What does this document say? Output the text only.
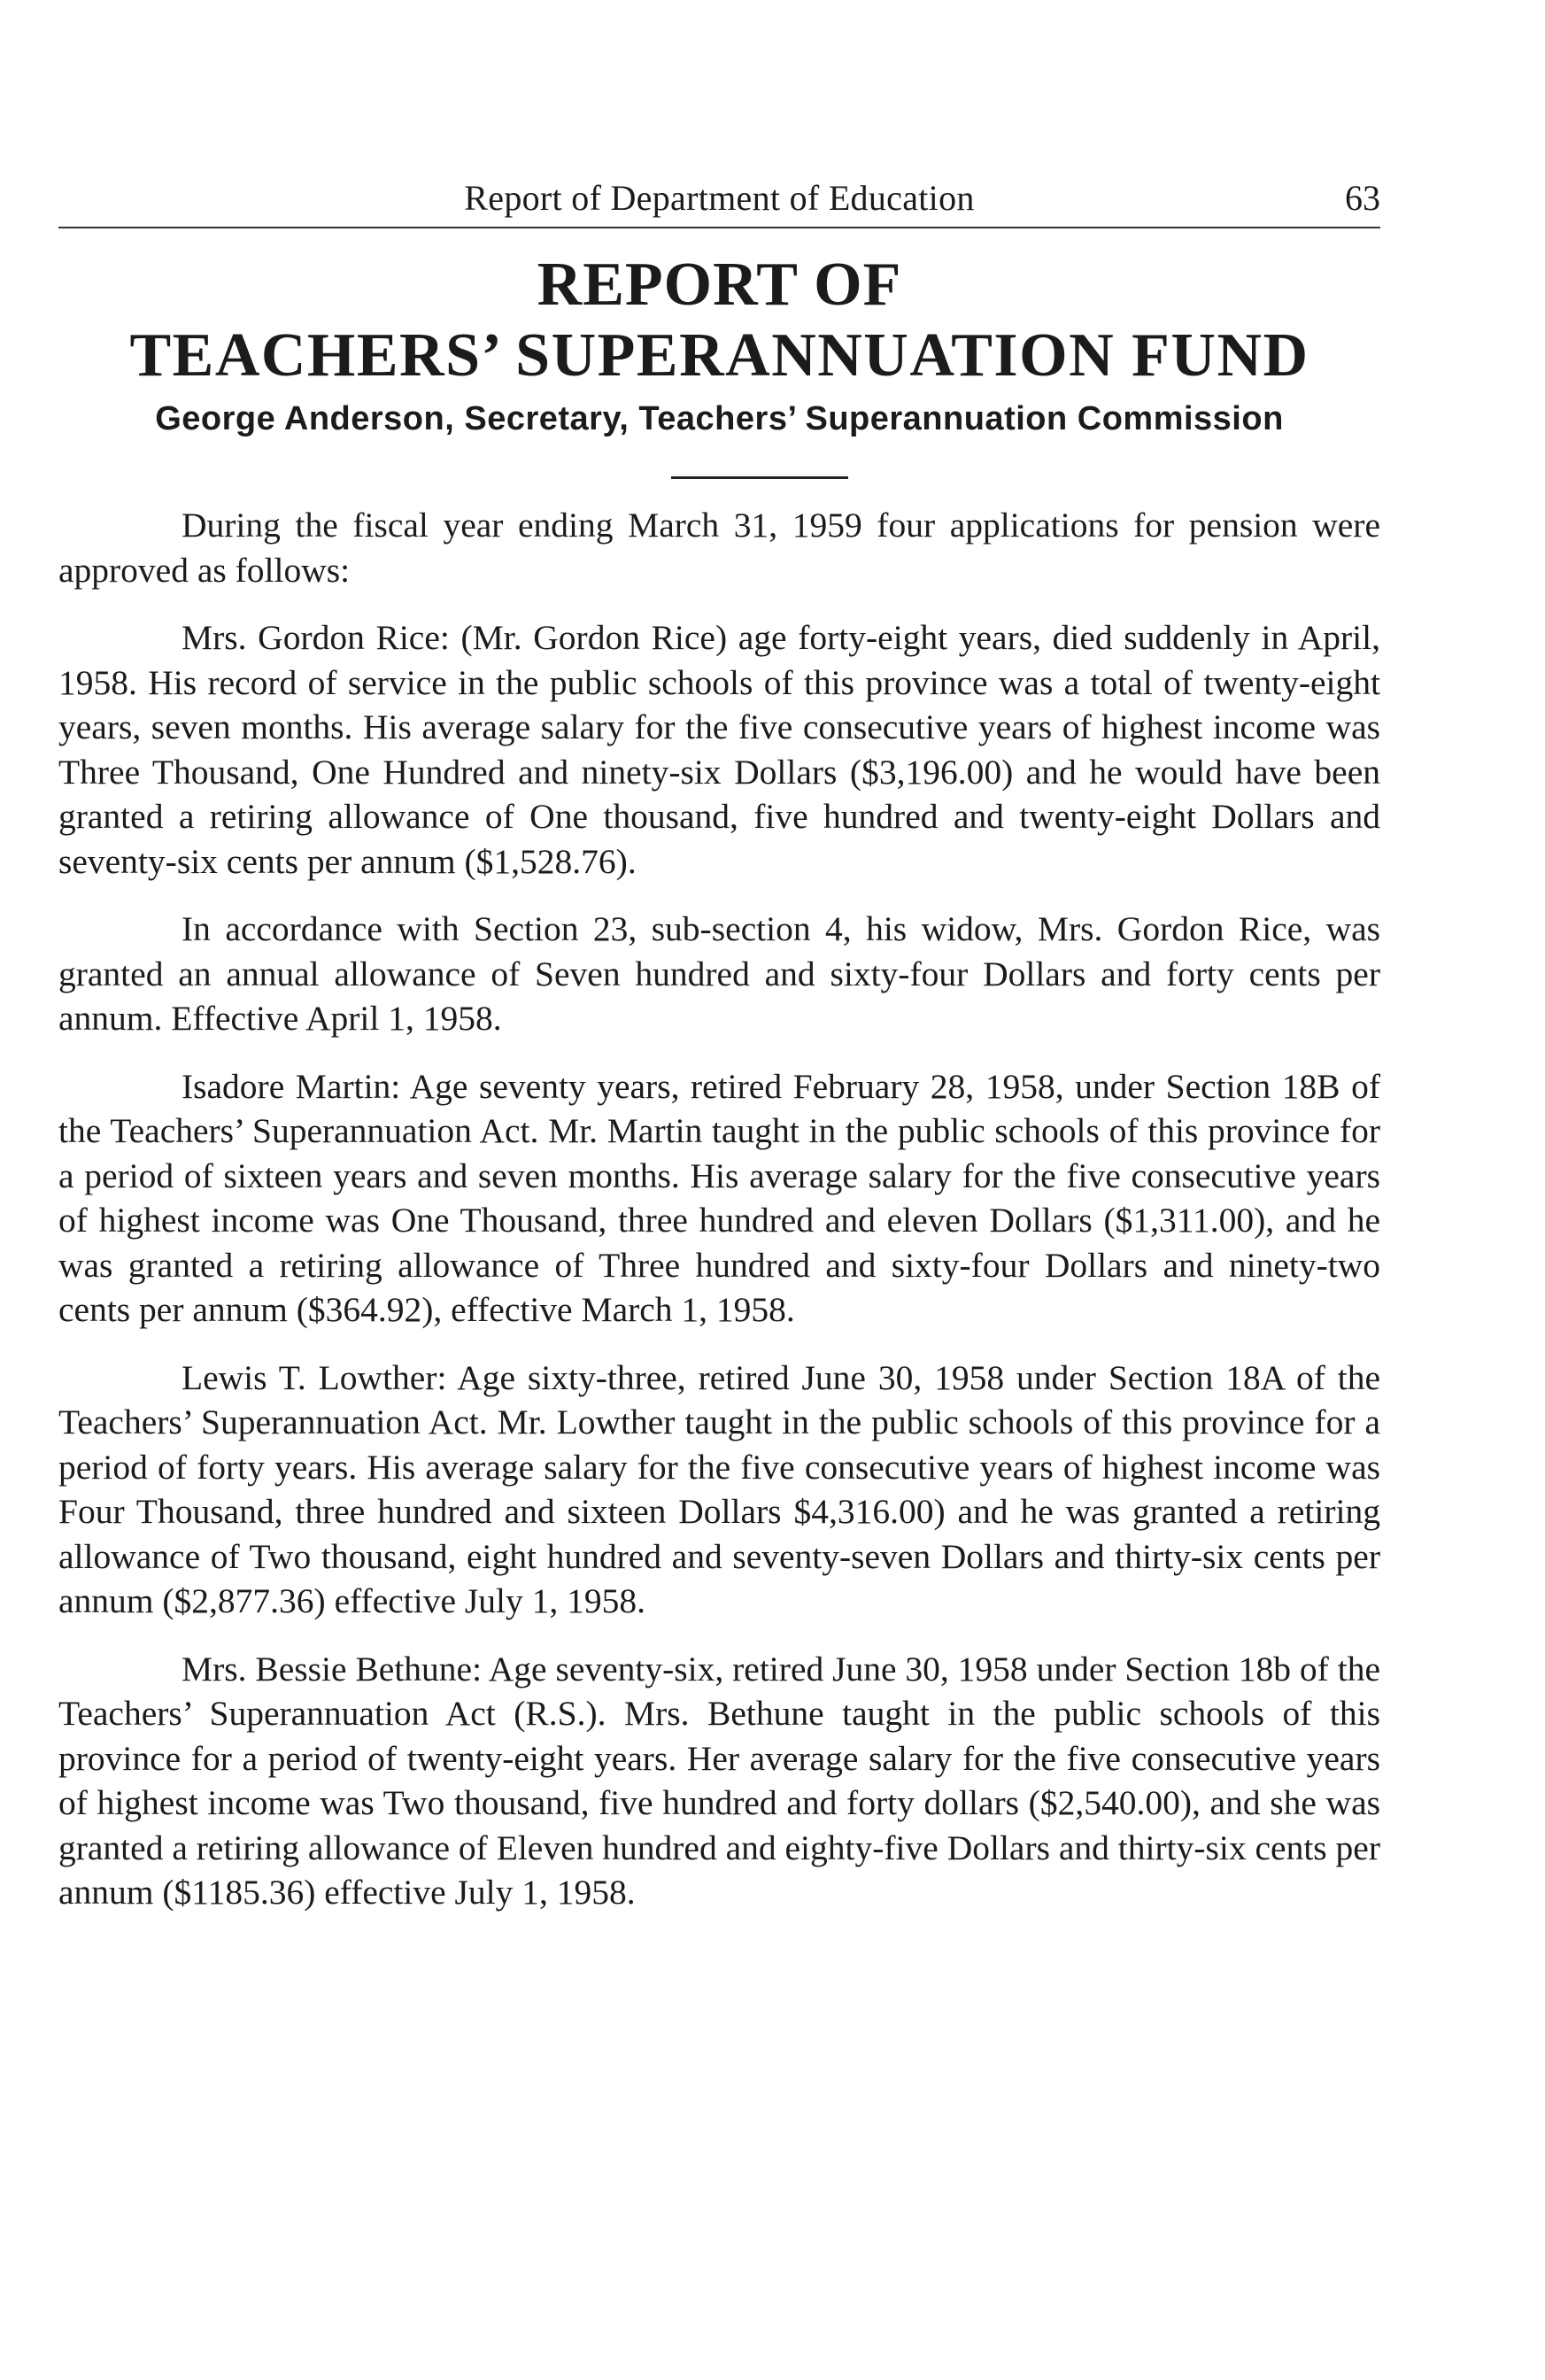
Report of Department of Education	63
REPORT OF
TEACHERS’ SUPERANNUATION FUND
George Anderson, Secretary, Teachers’ Superannuation Commission

During the fiscal year ending March 31, 1959 four applications for pension were approved as follows:

Mrs. Gordon Rice: (Mr. Gordon Rice) age forty-eight years, died suddenly in April, 1958. His record of service in the public schools of this province was a total of twenty-eight years, seven months. His average salary for the five consecutive years of highest income was Three Thousand, One Hundred and ninety-six Dollars ($3,196.00) and he would have been granted a retiring allowance of One thousand, five hundred and twenty-eight Dollars and seventy-six cents per annum ($1,528.76).

In accordance with Section 23, sub-section 4, his widow, Mrs. Gordon Rice, was granted an annual allowance of Seven hundred and sixty-four Dollars and forty cents per annum. Effective April 1, 1958.

Isadore Martin: Age seventy years, retired February 28, 1958, under Section 18B of the Teachers’ Superannuation Act. Mr. Martin taught in the public schools of this province for a period of sixteen years and seven months. His average salary for the five consecutive years of highest income was One Thousand, three hundred and eleven Dollars ($1,311.00), and he was granted a retiring allowance of Three hundred and sixty-four Dollars and ninety-two cents per annum ($364.92), effective March 1, 1958.

Lewis T. Lowther: Age sixty-three, retired June 30, 1958 under Section 18A of the Teachers’ Superannuation Act. Mr. Lowther taught in the public schools of this province for a period of forty years. His average salary for the five consecutive years of highest income was Four Thousand, three hundred and sixteen Dollars $4,316.00) and he was granted a retiring allowance of Two thousand, eight hundred and seventy-seven Dollars and thirty-six cents per annum ($2,877.36) effective July 1, 1958.

Mrs. Bessie Bethune: Age seventy-six, retired June 30, 1958 under Section 18b of the Teachers’ Superannuation Act (R.S.). Mrs. Bethune taught in the public schools of this province for a period of twenty-eight years. Her average salary for the five consecutive years of highest income was Two thousand, five hundred and forty dollars ($2,540.00), and she was granted a retiring allowance of Eleven hundred and eighty-five Dollars and thirty-six cents per annum ($1185.36) effective July 1, 1958.
